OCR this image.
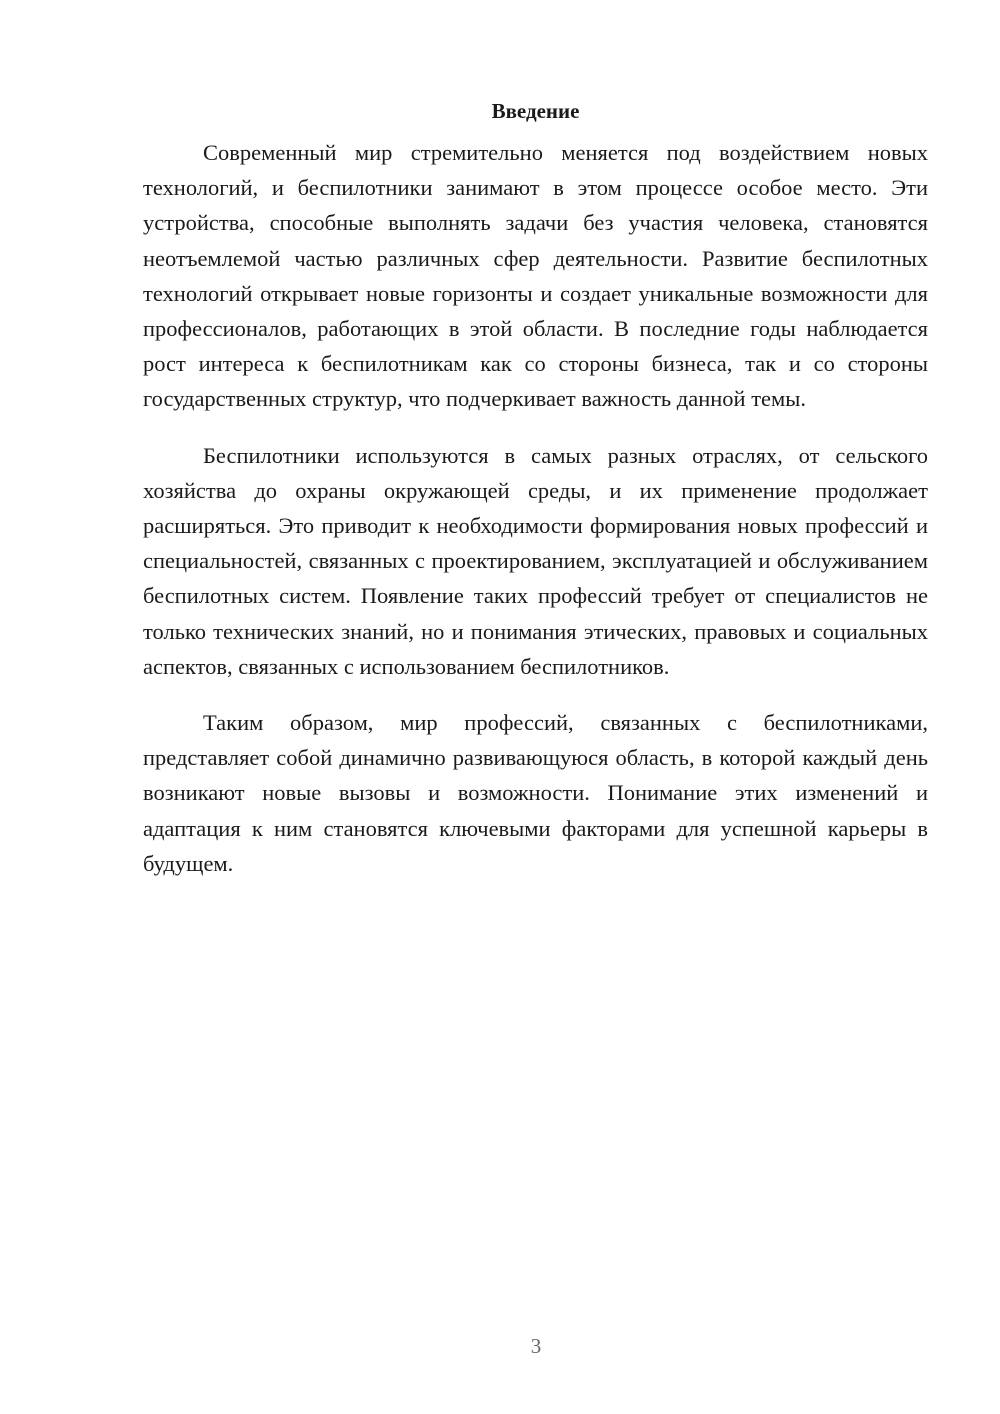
Введение

Современный мир стремительно меняется под воздействием новых технологий, и беспилотники занимают в этом процессе особое место. Эти устройства, способные выполнять задачи без участия человека, становятся неотъемлемой частью различных сфер деятельности. Развитие беспилотных технологий открывает новые горизонты и создает уникальные возможности для профессионалов, работающих в этой области. В последние годы наблюдается рост интереса к беспилотникам как со стороны бизнеса, так и со стороны государственных структур, что подчеркивает важность данной темы.

Беспилотники используются в самых разных отраслях, от сельского хозяйства до охраны окружающей среды, и их применение продолжает расширяться. Это приводит к необходимости формирования новых профессий и специальностей, связанных с проектированием, эксплуатацией и обслуживанием беспилотных систем. Появление таких профессий требует от специалистов не только технических знаний, но и понимания этических, правовых и социальных аспектов, связанных с использованием беспилотников.

Таким образом, мир профессий, связанных с беспилотниками, представляет собой динамично развивающуюся область, в которой каждый день возникают новые вызовы и возможности. Понимание этих изменений и адаптация к ним становятся ключевыми факторами для успешной карьеры в будущем.

3
